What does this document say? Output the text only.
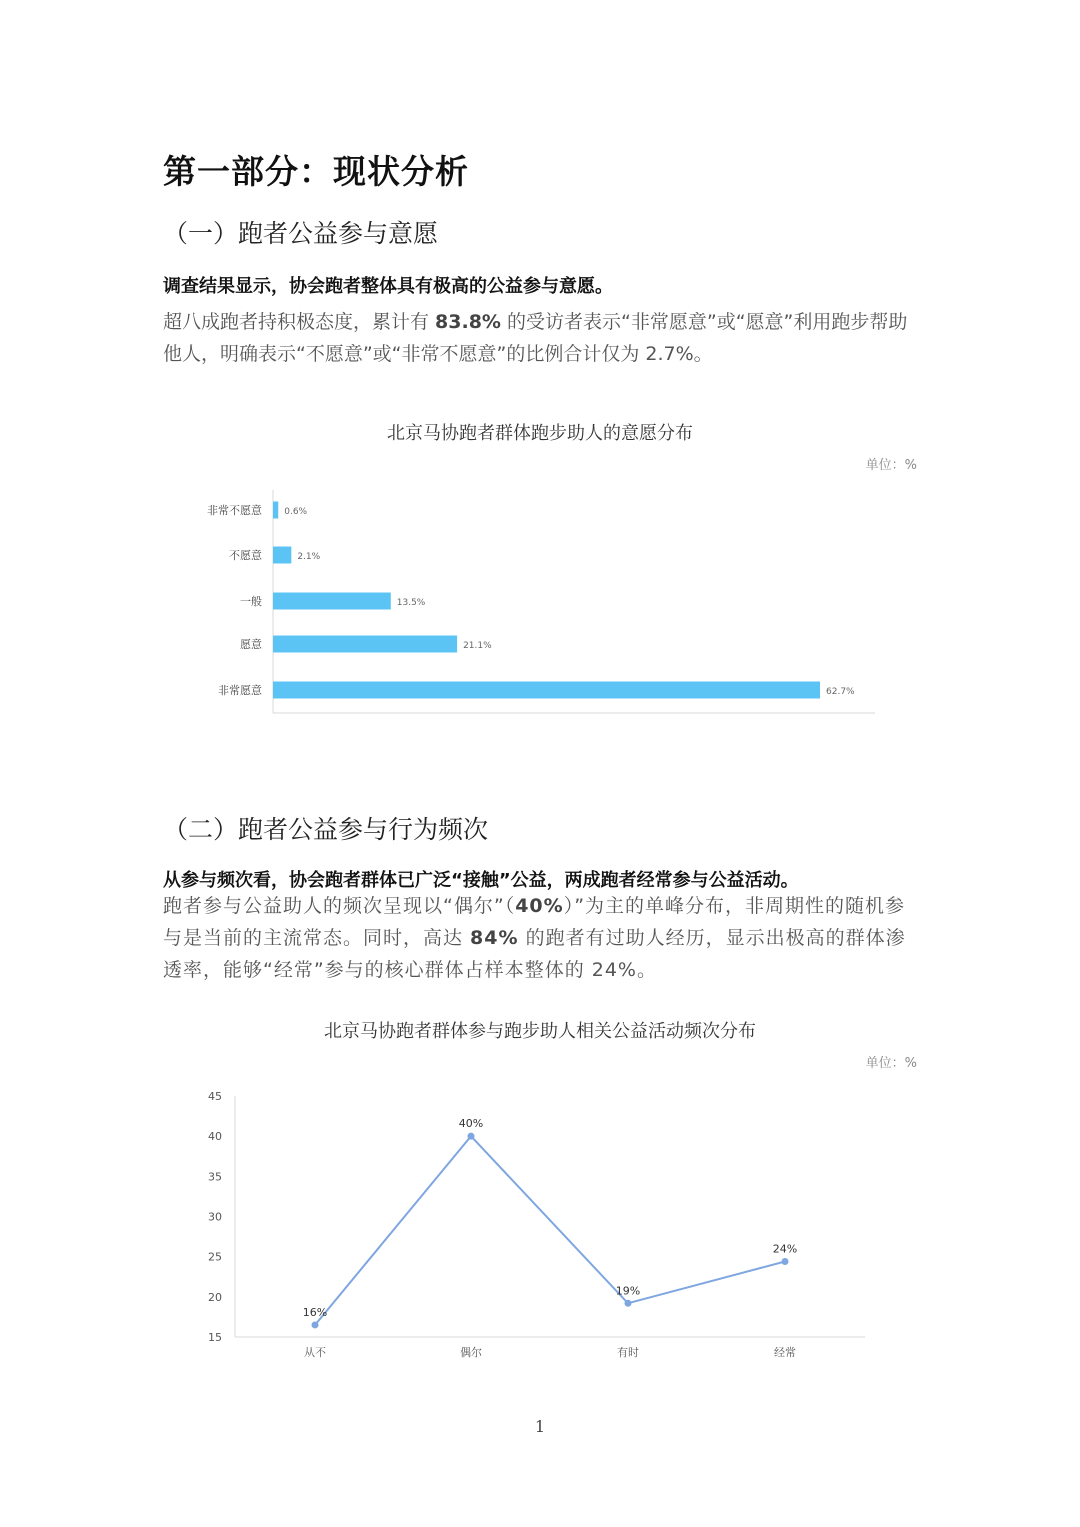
第一部分：现状分析
（一）跑者公益参与意愿
调查结果显示，协会跑者整体具有极高的公益参与意愿。

超八成跑者持积极态度，累计有 83.8% 的受访者表示“非常愿意”或“愿意”利用跑步帮助他人，明确表示“不愿意”或“非常不愿意”的比例合计仅为 2.7%。

北京马协跑者群体跑步助人的意愿分布
单位：%
非常不愿意 0.6%
不愿意	2.1%
一般	13.5%
愿意	21.1%
非常愿意	62.7%
（二）跑者公益参与行为频次
从参与频次看，协会跑者群体已广泛“接触”公益，两成跑者经常参与公益活动。

跑者参与公益助人的频次呈现以“偶尔”（40%）”为主的单峰分布，非周期性的随机参与是当前的主流常态。同时，高达 84% 的跑者有过助人经历，显示出极高的群体渗透率，能够“经常”参与的核心群体占样本整体的 24%。

北京马协跑者群体参与跑步助人相关公益活动频次分布
单位：%
45
40
35
30
25
20
15
16%
从不
40%
偶尔
19%
有时
24%
经常
1
